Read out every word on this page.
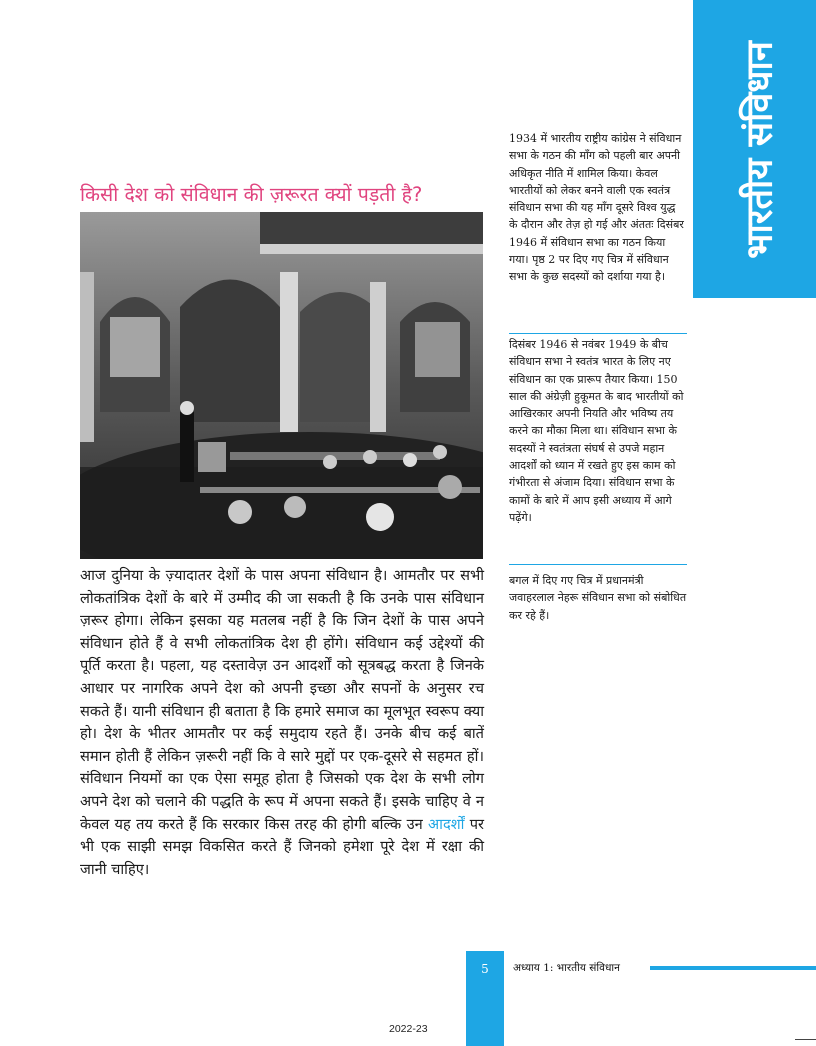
भारतीय संविधान
किसी देश को संविधान की ज़रूरत क्यों पड़ती है?

आज दुनिया के ज़्यादातर देशों के पास अपना संविधान है। आमतौर पर सभी लोकतांत्रिक देशों के बारे में उम्मीद की जा सकती है कि उनके पास संविधान ज़रूर होगा। लेकिन इसका यह मतलब नहीं है कि जिन देशों के पास अपने संविधान होते हैं वे सभी लोकतांत्रिक देश ही होंगे। संविधान कई उद्देश्यों की पूर्ति करता है। पहला, यह दस्तावेज़ उन आदर्शों को सूत्रबद्ध करता है जिनके आधार पर नागरिक अपने देश को अपनी इच्छा और सपनों के अनुसर रच सकते हैं। यानी संविधान ही बताता है कि हमारे समाज का मूलभूत स्वरूप क्या हो। देश के भीतर आमतौर पर कई समुदाय रहते हैं। उनके बीच कई बातें समान होती हैं लेकिन ज़रूरी नहीं कि वे सारे मुद्दों पर एक-दूसरे से सहमत हों। संविधान नियमों का एक ऐसा समूह होता है जिसको एक देश के सभी लोग अपने देश को चलाने की पद्धति के रूप में अपना सकते हैं। इसके चाहिए वे न केवल यह तय करते हैं कि सरकार किस तरह की होगी बल्कि उन आदर्शों पर भी एक साझी समझ विकसित करते हैं जिनको हमेशा पूरे देश में रक्षा की जानी चाहिए।

1934 में भारतीय राष्ट्रीय कांग्रेस ने संविधान सभा के गठन की माँग को पहली बार अपनी अधिकृत नीति में शामिल किया। केवल भारतीयों को लेकर बनने वाली एक स्वतंत्र संविधान सभा की यह माँग दूसरे विश्व युद्ध के दौरान और तेज़ हो गई और अंततः दिसंबर 1946 में संविधान सभा का गठन किया गया। पृष्ठ 2 पर दिए गए चित्र में संविधान सभा के कुछ सदस्यों को दर्शाया गया है।

दिसंबर 1946 से नवंबर 1949 के बीच संविधान सभा ने स्वतंत्र भारत के लिए नए संविधान का एक प्रारूप तैयार किया। 150 साल की अंग्रेज़ी हुकूमत के बाद भारतीयों को आखिरकार अपनी नियति और भविष्य तय करने का मौका मिला था। संविधान सभा के सदस्यों ने स्वतंत्रता संघर्ष से उपजे महान आदर्शों को ध्यान में रखते हुए इस काम को गंभीरता से अंजाम दिया। संविधान सभा के कामों के बारे में आप इसी अध्याय में आगे पढ़ेंगे।

बगल में दिए गए चित्र में प्रधानमंत्री जवाहरलाल नेहरू संविधान सभा को संबोधित कर रहे हैं।

5	अध्याय 1: भारतीय संविधान
2022-23
